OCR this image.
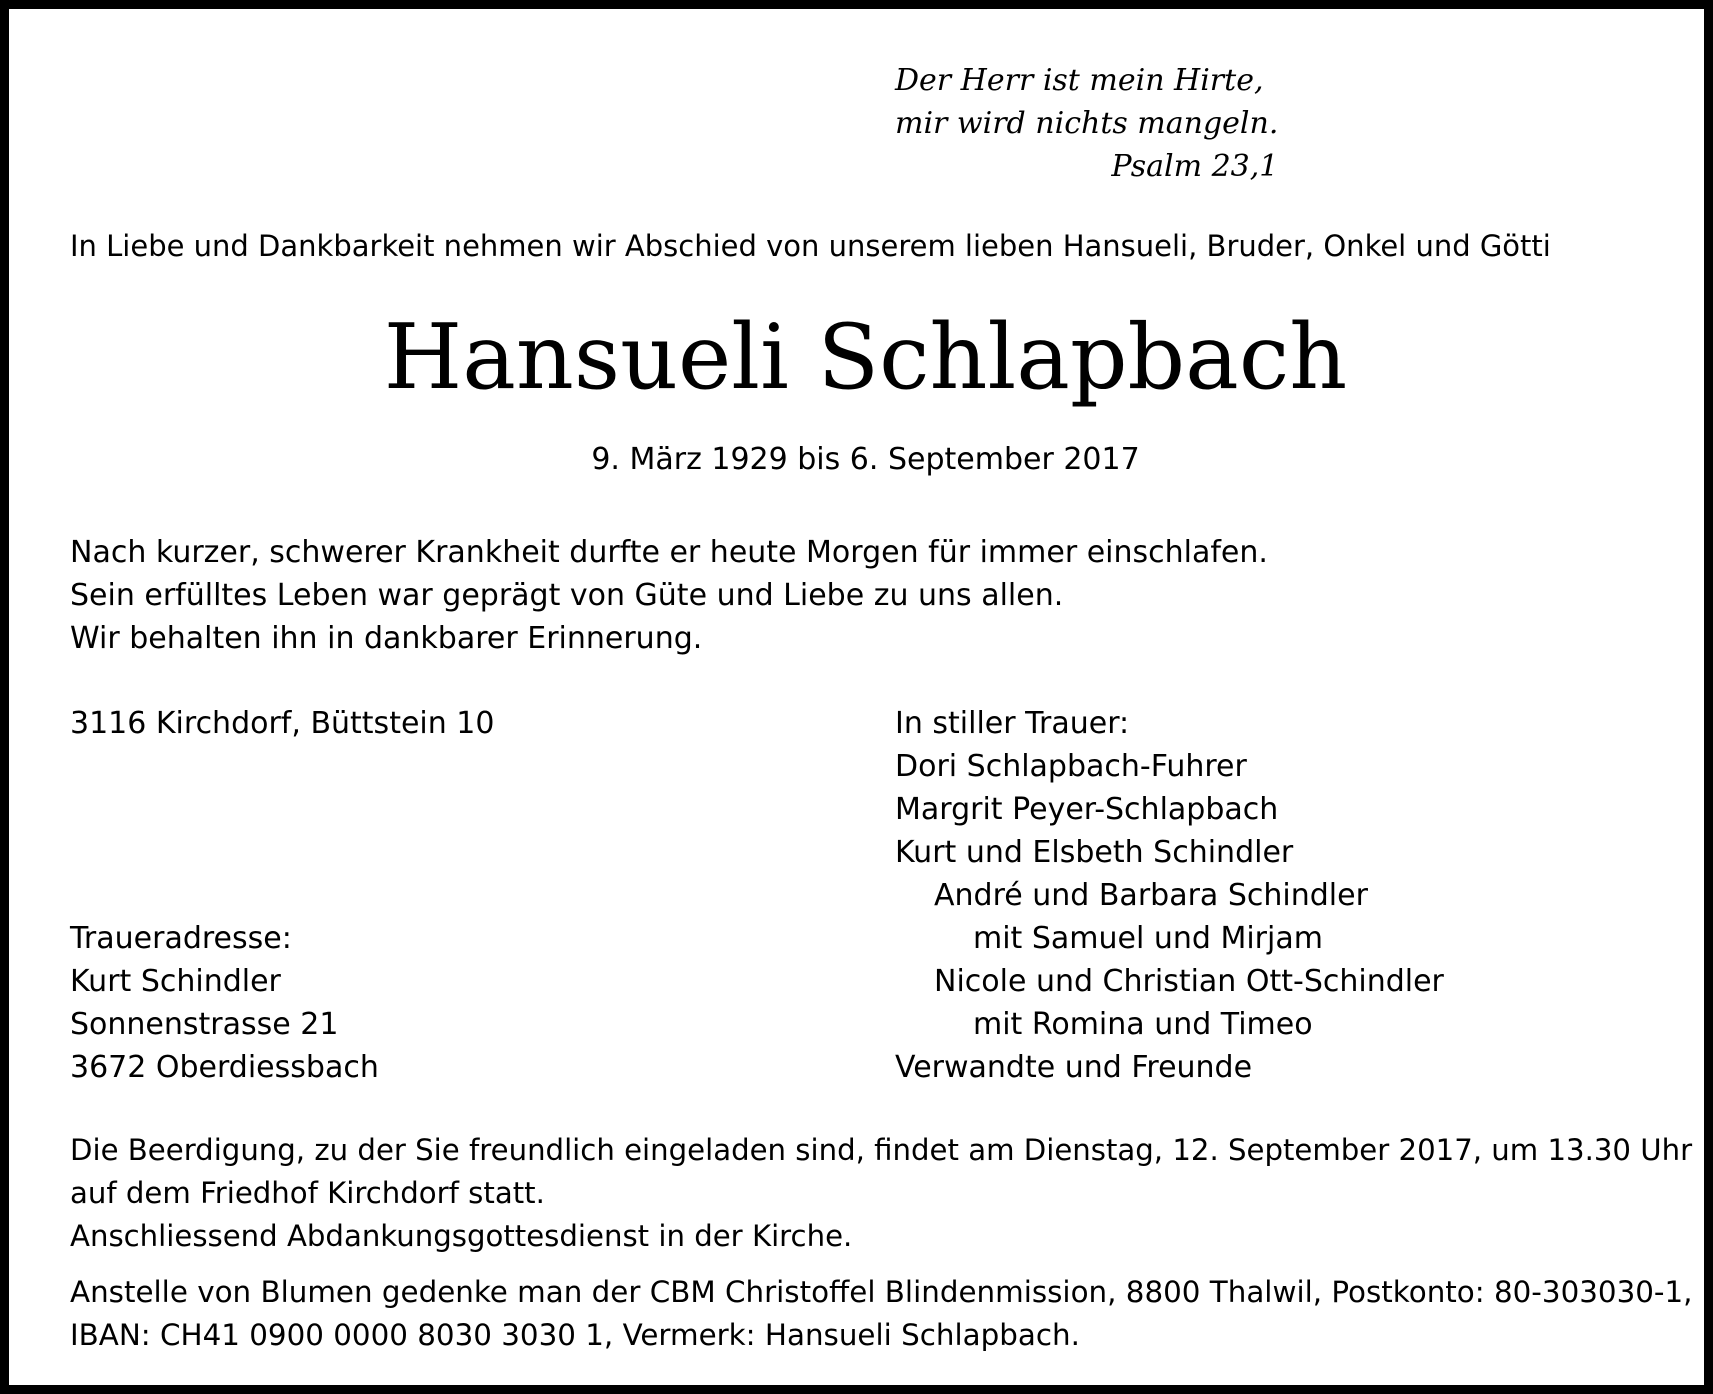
Der Herr ist mein Hirte,
mir wird nichts mangeln.
Psalm 23,1
In Liebe und Dankbarkeit nehmen wir Abschied von unserem lieben Hansueli, Bruder, Onkel und Götti
Hansueli Schlapbach
9. März 1929 bis 6. September 2017
Nach kurzer, schwerer Krankheit durfte er heute Morgen für immer einschlafen.
Sein erfülltes Leben war geprägt von Güte und Liebe zu uns allen.
Wir behalten ihn in dankbarer Erinnerung.
3116 Kirchdorf, Büttstein 10	In stiller Trauer:
Dori Schlapbach-Fuhrer
Margrit Peyer-Schlapbach
Kurt und Elsbeth Schindler
André und Barbara Schindler
mit Samuel und Mirjam
Nicole und Christian Ott-Schindler
mit Romina und Timeo
Verwandte und Freunde
Traueradresse:
Kurt Schindler
Sonnenstrasse 21
3672 Oberdiessbach
Die Beerdigung, zu der Sie freundlich eingeladen sind, findet am Dienstag, 12. September 2017, um 13.30 Uhr
auf dem Friedhof Kirchdorf statt.
Anschliessend Abdankungsgottesdienst in der Kirche.
Anstelle von Blumen gedenke man der CBM Christoffel Blindenmission, 8800 Thalwil, Postkonto: 80-303030-1,
IBAN: CH41 0900 0000 8030 3030 1, Vermerk: Hansueli Schlapbach.
